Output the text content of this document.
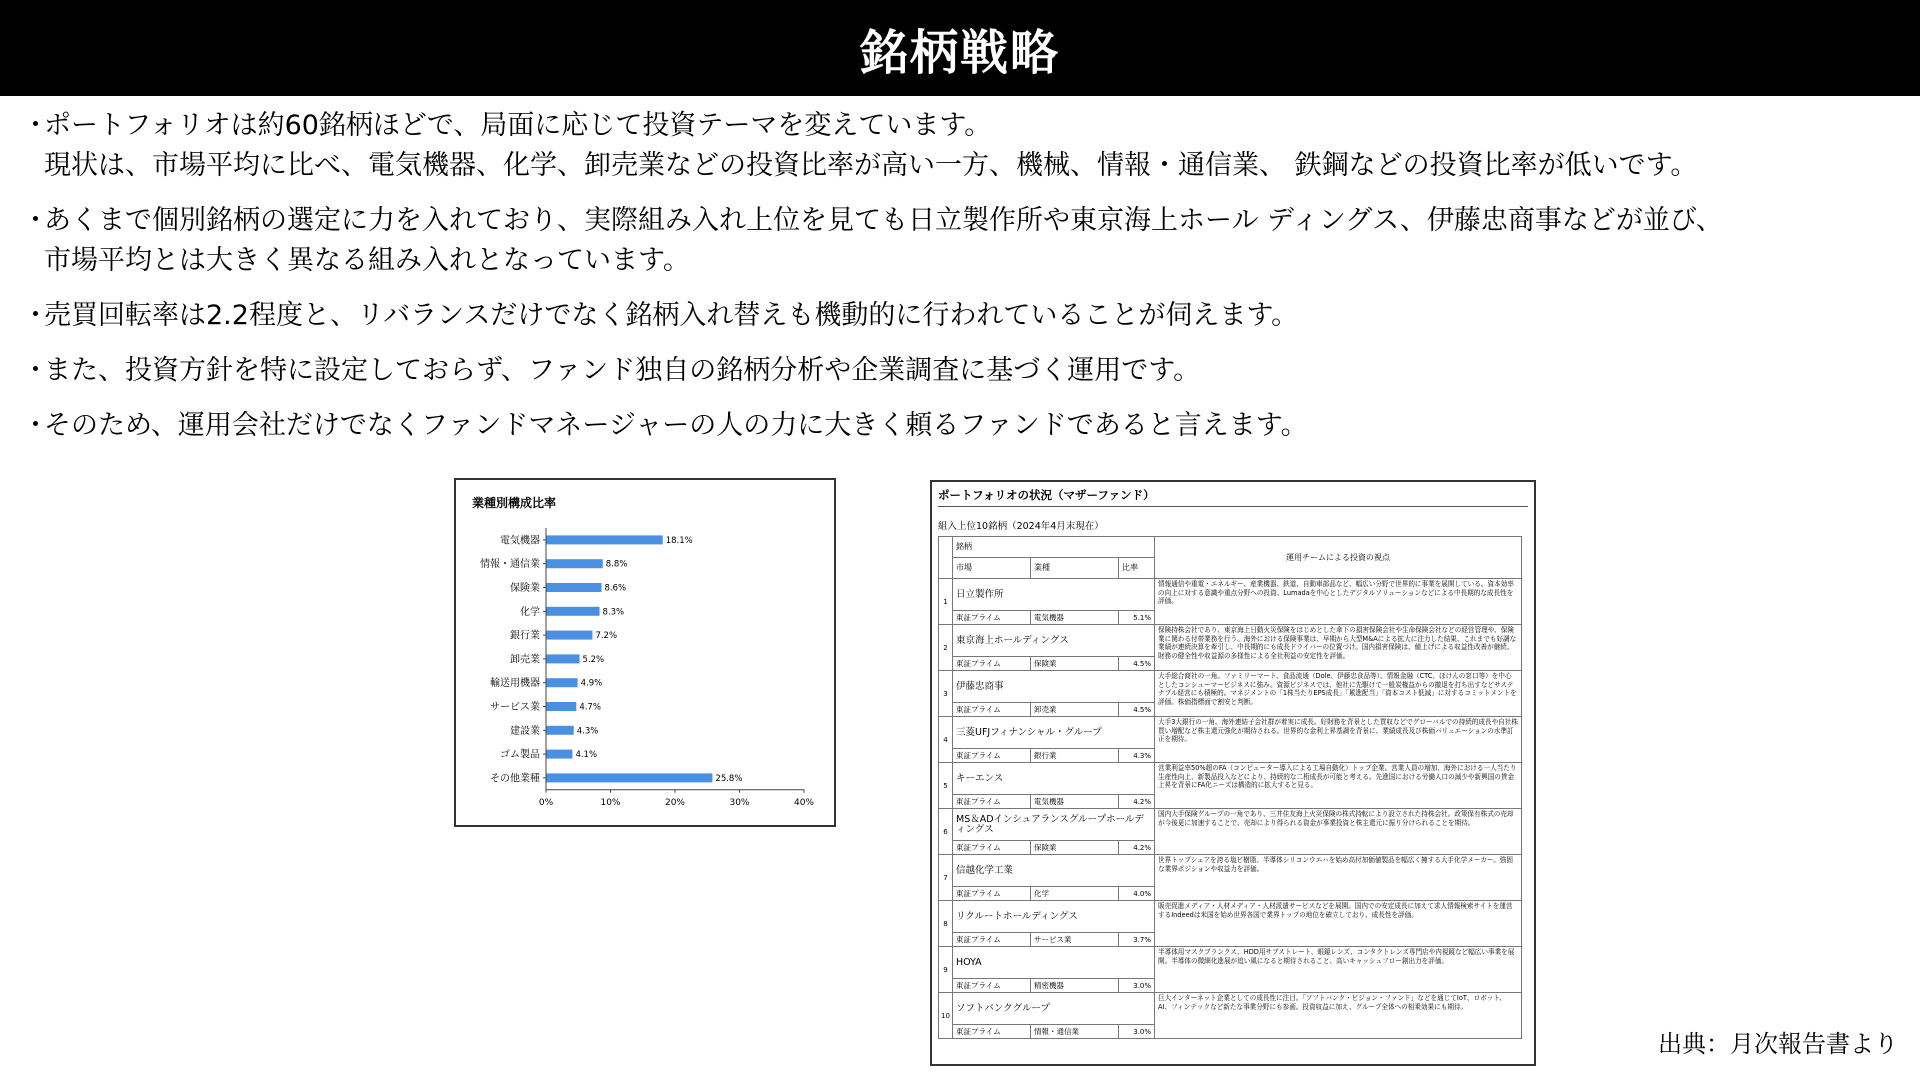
銘柄戦略
・
ポートフォリオは約60銘柄ほどで、局面に応じて投資テーマを変えています。
現状は、市場平均に比べ、電気機器、化学、卸売業などの投資比率が高い一方、機械、情報・通信業、 鉄鋼などの投資比率が低いです。
・
あくまで個別銘柄の選定に力を入れており、実際組み入れ上位を見ても日立製作所や東京海上ホール ディングス、伊藤忠商事などが並び、
市場平均とは大きく異なる組み入れとなっています。
・
売買回転率は2.2程度と、リバランスだけでなく銘柄入れ替えも機動的に行われていることが伺えます。
・
また、投資方針を特に設定しておらず、ファンド独自の銘柄分析や企業調査に基づく運用です。
・
そのため、運用会社だけでなくファンドマネージャーの人の力に大きく頼るファンドであると言えます。
業種別構成比率
電気機器	18.1%
情報・通信業	8.8%
保険業	8.6%
化学	8.3%
銀行業	7.2%
卸売業	5.2%
輸送用機器	4.9%
サービス業	4.7%
建設業	4.3%
ゴム製品	4.1%
その他業種	25.8%
0%	10%	20%	30%	40%
ポートフォリオの状況（マザーファンド）
組入上位10銘柄（2024年4月末現在）
	銘柄			運用チームによる投資の視点
	市場	業種	比率	
1	日立製作所			情報通信や重電・エネルギー、産業機器、鉄道、自動車部品など、幅広い分野で世界的に事業を展開している。資本効率の向上に対する意識や重点分野への投資、Lumadaを中心としたデジタルソリューションなどによる中長期的な成長性を評価。
	東証プライム	電気機器	5.1%	
2	東京海上ホールディングス			保険持株会社であり、東京海上日動火災保険をはじめとした傘下の損害保険会社や生命保険会社などの経営管理や、保険業に関わる付帯業務を行う。海外における保険事業は、早期から大型M&Aによる拡大に注力した結果、これまでも好調な業績が連続決算を牽引し、中長期的にも成長ドライバーの位置づけ。国内損害保険は、値上げによる収益性改善が継続、財務の健全性や収益源の多様性による全社利益の安定性を評価。
	東証プライム	保険業	4.5%	
3	伊藤忠商事			大手総合商社の一角。ファミリーマート、食品流通（Dole、伊藤忠食品等）、情報金融（CTC、ほけんの窓口等）を中心としたコンシューマービジネスに強み。資源ビジネスでは、他社に先駆けて一般炭権益からの撤退を打ち出すなどサステナブル経営にも積極的。マネジメントの「1株当たりEPS成長」「累進配当」「資本コスト低減」に対するコミットメントを評価。株価指標面で割安と判断。
	東証プライム	卸売業	4.5%	
4	三菱UFJフィナンシャル・グループ			大手3大銀行の一角。海外連結子会社群が着実に成長。好財務を背景とした買収などでグローバルでの持続的成長や自社株買い増配など株主還元強化が期待される。世界的な金利上昇基調を背景に、業績成長及び株価バリュエーションの水準訂正を期待。
	東証プライム	銀行業	4.3%	
5	キーエンス			営業利益率50%超のFA（コンピューター導入による工場自動化）トップ企業。営業人員の増加、海外における一人当たり生産性向上、新製品投入などにより、持続的な二桁成長が可能と考える。先進国における労働人口の減少や新興国の賃金上昇を背景にFA化ニーズは構造的に拡大すると見る。
	東証プライム	電気機器	4.2%	
6	MS＆ADインシュアランスグループホールディングス			国内大手保険グループの一角であり、三井住友海上火災保険の株式持転により設立された持株会社。政策保有株式の売却が今後更に加速することで、売却により得られる資金が事業投資と株主還元に振り分けられることを期待。
	東証プライム	保険業	4.2%	
7	信越化学工業			世界トップシェアを誇る塩ビ樹脂、半導体シリコンウエハを始め高付加価値製品を幅広く擁する大手化学メーカー。強固な業界ポジションや収益力を評価。
	東証プライム	化学	4.0%	
8	リクルートホールディングス			販売促進メディア・人材メディア・人材派遣サービスなどを展開。国内での安定成長に加えて求人情報検索サイトを運営するIndeedは米国を始め世界各国で業界トップの地位を確立しており、成長性を評価。
	東証プライム	サービス業	3.7%	
9	HOYA			半導体用マスクブランクス、HDD用サブストレート、眼鏡レンズ、コンタクトレンズ専門店や内視鏡など幅広い事業を展開。半導体の微細化進展が追い風になると期待されること、高いキャッシュフロー創出力を評価。
	東証プライム	精密機器	3.0%	
10	ソフトバンクグループ			巨大インターネット企業としての成長性に注目。「ソフトバンク・ビジョン・ファンド」などを通じてIoT、ロボット、AI、フィンテックなど新たな事業分野にも参画。投資収益に加え、グループ全体への相乗効果にも期待。
	東証プライム	情報・通信業	3.0%		出典：月次報告書より
